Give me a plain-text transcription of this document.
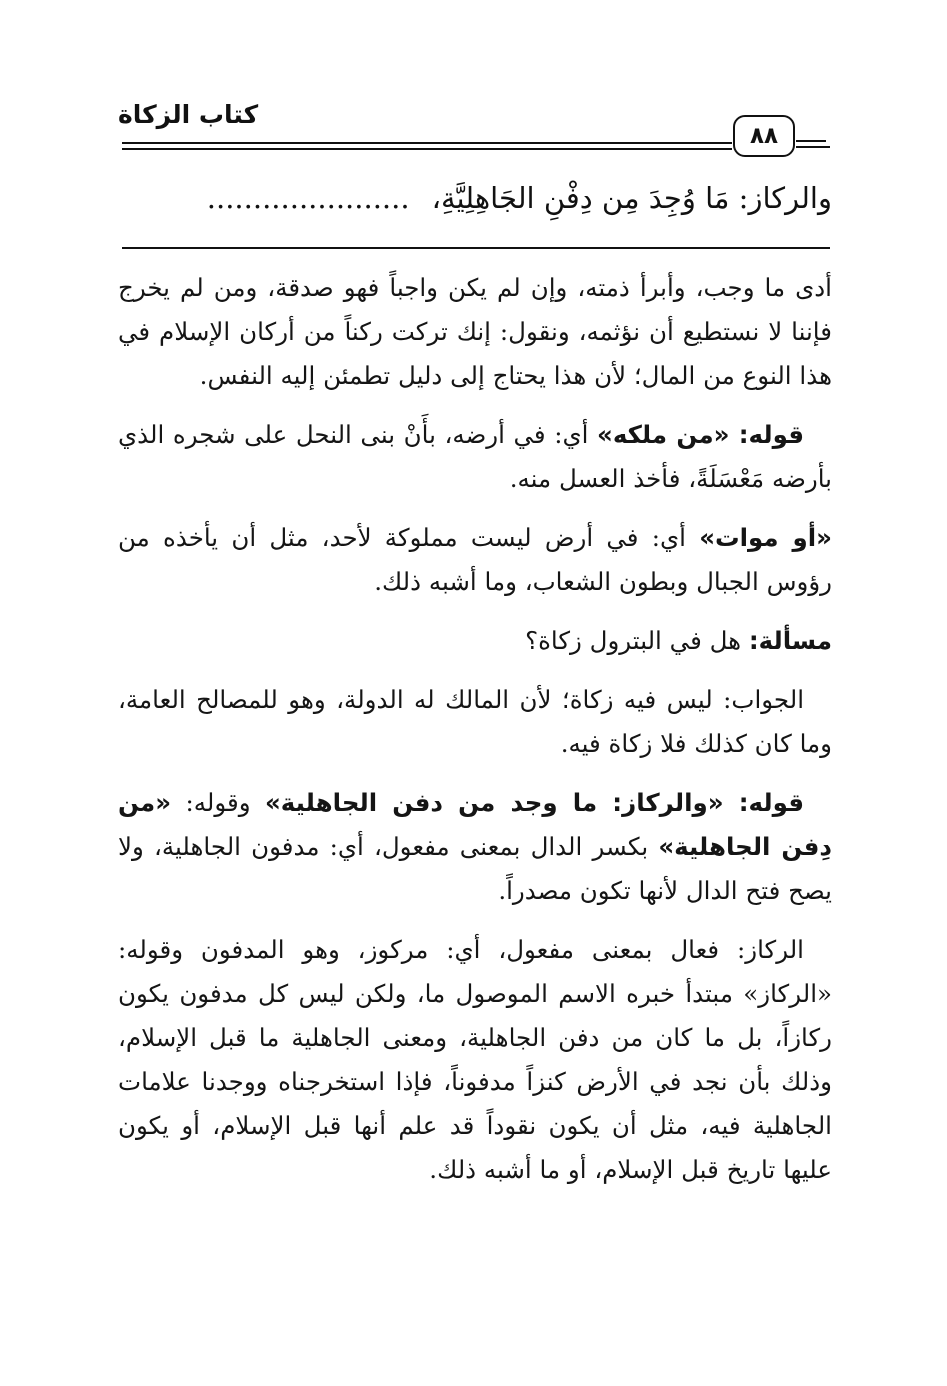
كتاب الزكاة
٨٨
والركاز: مَا وُجِدَ مِن دِفْنِ الجَاهِلِيَّةِ،......................

أدى ما وجب، وأبرأ ذمته، وإن لم يكن واجباً فهو صدقة، ومن لم يخرج فإننا لا نستطيع أن نؤثمه، ونقول: إنك تركت ركناً من أركان الإسلام في هذا النوع من المال؛ لأن هذا يحتاج إلى دليل تطمئن إليه النفس.

قوله: «من ملكه» أي: في أرضه، بأَنْ بنى النحل على شجره الذي بأرضه مَعْسَلَةً، فأخذ العسل منه.

«أو موات» أي: في أرض ليست مملوكة لأحد، مثل أن يأخذه من رؤوس الجبال وبطون الشعاب، وما أشبه ذلك.

مسألة: هل في البترول زكاة؟

الجواب: ليس فيه زكاة؛ لأن المالك له الدولة، وهو للمصالح العامة، وما كان كذلك فلا زكاة فيه.

قوله: «والركاز: ما وجد من دفن الجاهلية» وقوله: «من دِفن الجاهلية» بكسر الدال بمعنى مفعول، أي: مدفون الجاهلية، ولا يصح فتح الدال لأنها تكون مصدراً.

الركاز: فعال بمعنى مفعول، أي: مركوز، وهو المدفون وقوله: «الركاز» مبتدأ خبره الاسم الموصول ما، ولكن ليس كل مدفون يكون ركازاً، بل ما كان من دفن الجاهلية، ومعنى الجاهلية ما قبل الإسلام، وذلك بأن نجد في الأرض كنزاً مدفوناً، فإذا استخرجناه ووجدنا علامات الجاهلية فيه، مثل أن يكون نقوداً قد علم أنها قبل الإسلام، أو يكون عليها تاريخ قبل الإسلام، أو ما أشبه ذلك.
